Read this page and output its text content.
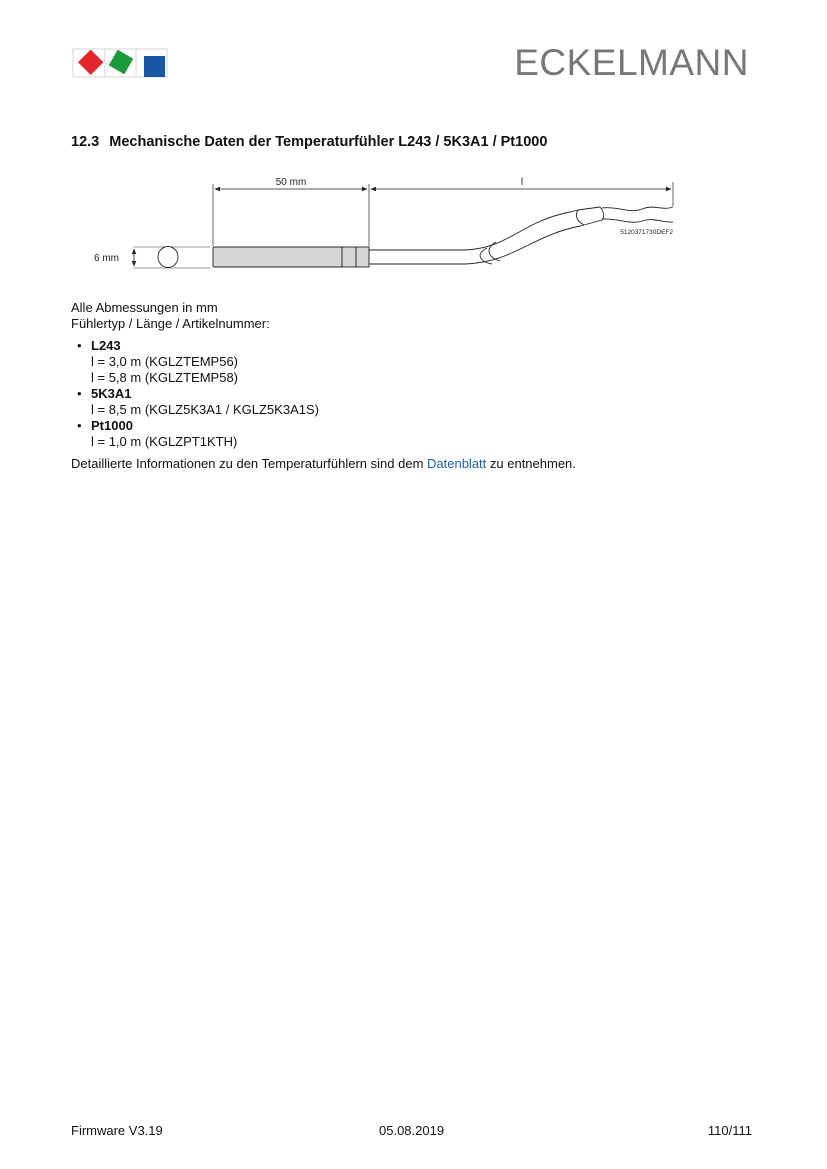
ECKELMANN
12.3 Mechanische Daten der Temperaturfühler L243 / 5K3A1 / Pt1000
50 mm	l
6 mm
5120371730DEF2

Alle Abmessungen in mm

Fühlertyp / Länge / Artikelnummer:

• L243
l = 3,0 m (KGLZTEMP56)
l = 5,8 m (KGLZTEMP58)
• 5K3A1
l = 8,5 m (KGLZ5K3A1 / KGLZ5K3A1S)
• Pt1000
l = 1,0 m (KGLZPT1KTH)

Detaillierte Informationen zu den Temperaturfühlern sind dem Datenblatt zu entnehmen.

Firmware V3.19	05.08.2019	110/111
